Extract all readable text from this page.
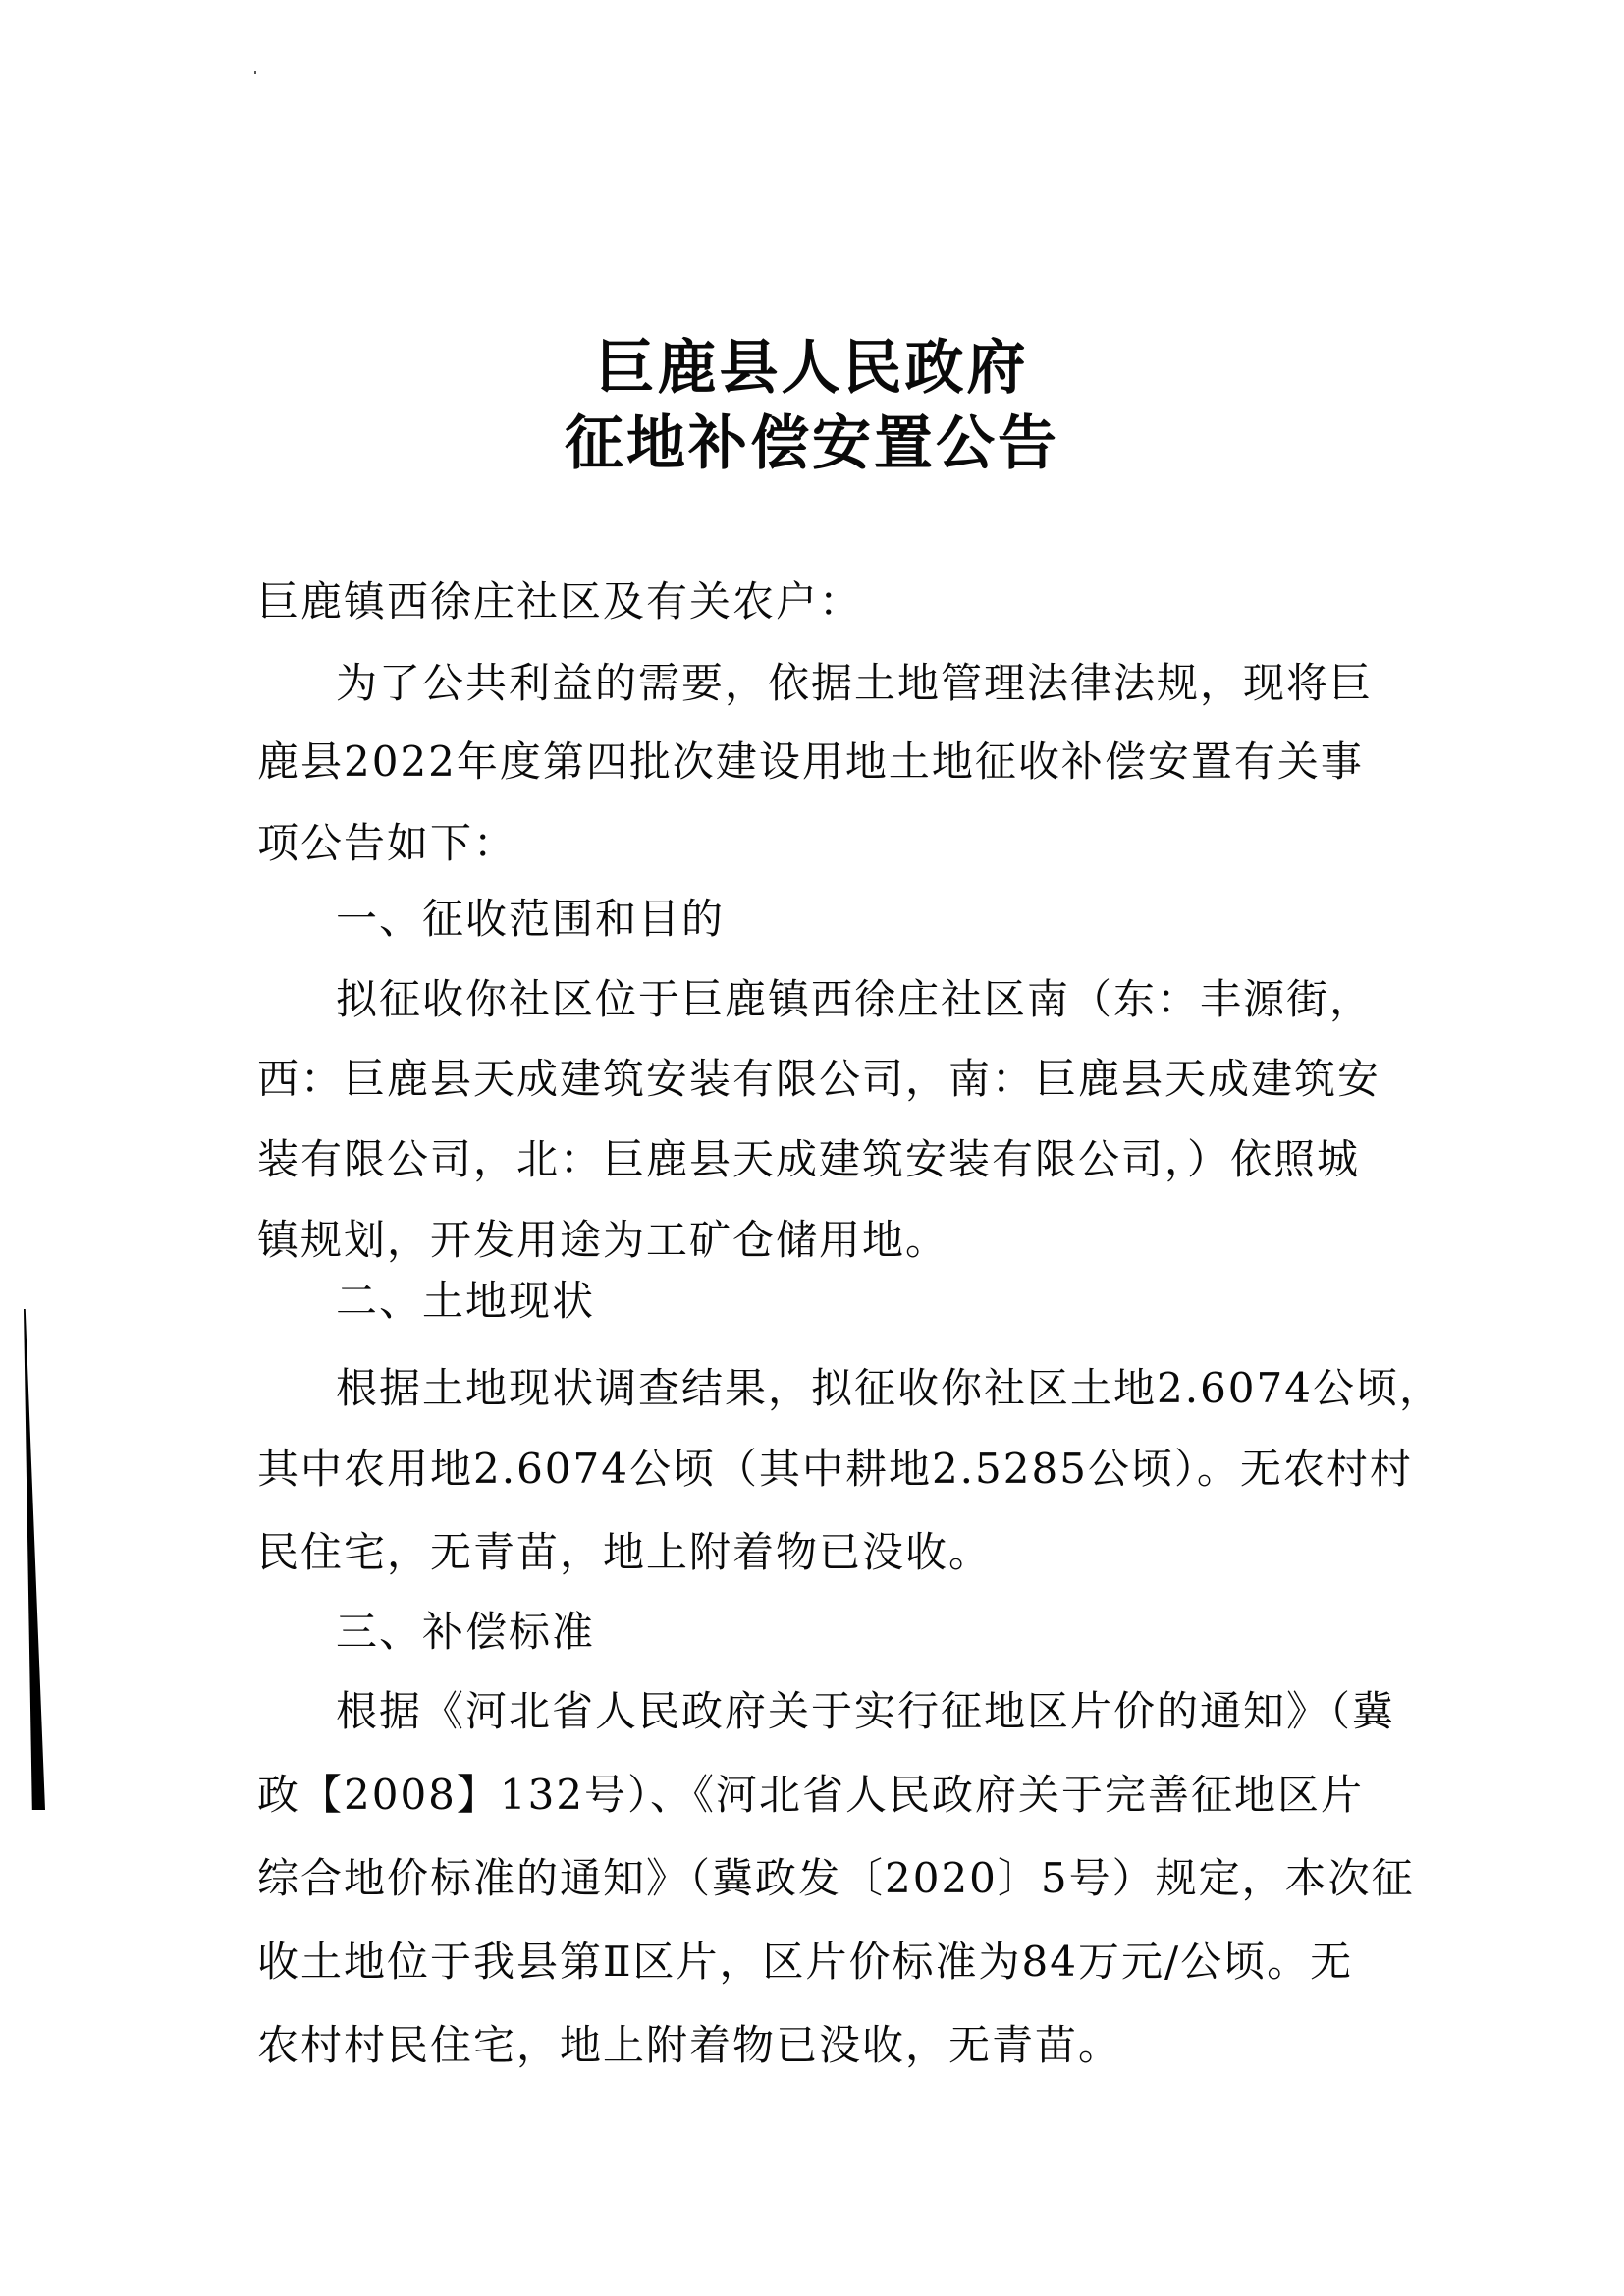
巨鹿县人民政府
征地补偿安置公告
巨鹿镇西徐庄社区及有关农户：
为了公共利益的需要，依据土地管理法律法规，现将巨
鹿县2022年度第四批次建设用地土地征收补偿安置有关事
项公告如下：
一、征收范围和目的
拟征收你社区位于巨鹿镇西徐庄社区南（东：丰源街，
西：巨鹿县天成建筑安装有限公司，南：巨鹿县天成建筑安
装有限公司，北：巨鹿县天成建筑安装有限公司，）依照城
镇规划，开发用途为工矿仓储用地。
二、土地现状
根据土地现状调查结果，拟征收你社区土地2.6074公顷，
其中农用地2.6074公顷（其中耕地2.5285公顷）。无农村村
民住宅，无青苗，地上附着物已没收。
三、补偿标准
根据《河北省人民政府关于实行征地区片价的通知》（冀
政【2008】132号）、《河北省人民政府关于完善征地区片
综合地价标准的通知》（冀政发〔2020〕5号）规定，本次征
收土地位于我县第Ⅱ区片，区片价标准为84万元/公顷。无
农村村民住宅，地上附着物已没收，无青苗。
